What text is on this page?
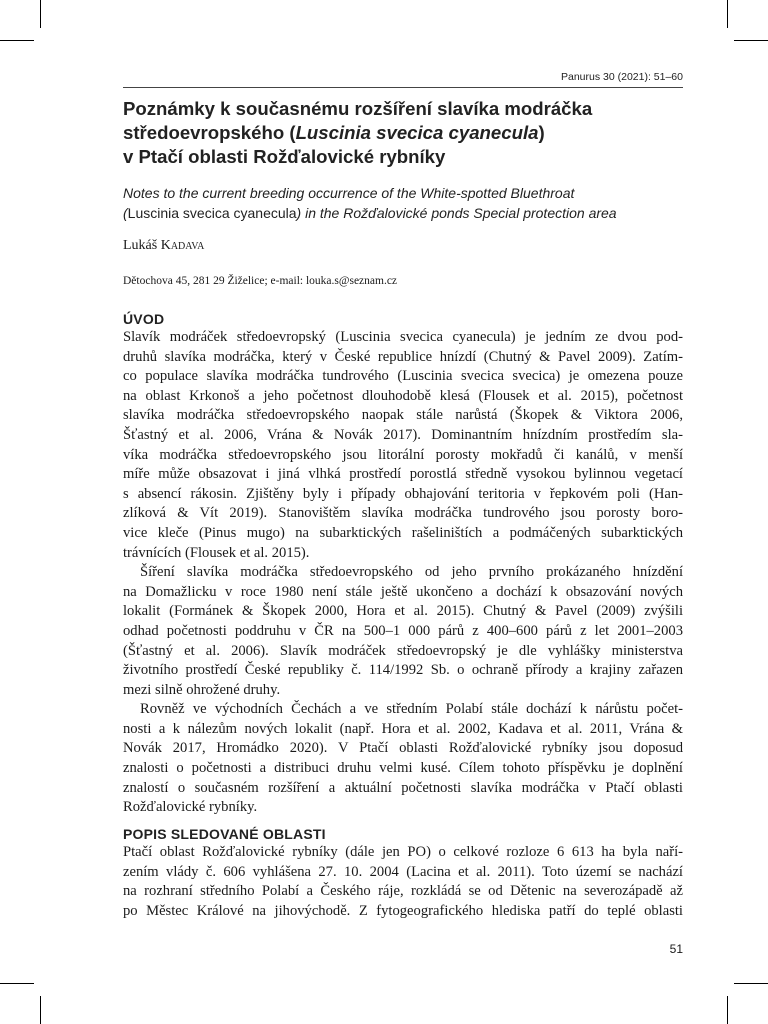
Panurus 30 (2021): 51–60
Poznámky k současnému rozšíření slavíka modráčka
středoevropského (Luscinia svecica cyanecula)
v Ptačí oblasti Rožďalovické rybníky
Notes to the current breeding occurrence of the White-spotted Bluethroat
(Luscinia svecica cyanecula) in the Rožďalovické ponds Special protection area
Lukáš Kadava
Dětochova 45, 281 29 Žiželice; e-mail: louka.s@seznam.cz
ÚVOD
Slavík modráček středoevropský (Luscinia svecica cyanecula) je jedním ze dvou pod-
druhů slavíka modráčka, který v České republice hnízdí (Chutný & Pavel 2009). Zatím-
co populace slavíka modráčka tundrového (Luscinia svecica svecica) je omezena pouze
na oblast Krkonoš a jeho početnost dlouhodobě klesá (Flousek et al. 2015), početnost
slavíka modráčka středoevropského naopak stále narůstá (Škopek & Viktora 2006,
Šťastný et al. 2006, Vrána & Novák 2017). Dominantním hnízdním prostředím sla-
víka modráčka středoevropského jsou litorální porosty mokřadů či kanálů, v menší
míře může obsazovat i jiná vlhká prostředí porostlá středně vysokou bylinnou vegetací
s absencí rákosin. Zjištěny byly i případy obhajování teritoria v řepkovém poli (Han-
zlíková & Vít 2019). Stanovištěm slavíka modráčka tundrového jsou porosty boro-
vice kleče (Pinus mugo) na subarktických rašeliništích a podmáčených subarktických
trávnících (Flousek et al. 2015).
Šíření slavíka modráčka středoevropského od jeho prvního prokázaného hnízdění
na Domažlicku v roce 1980 není stále ještě ukončeno a dochází k obsazování nových
lokalit (Formánek & Škopek 2000, Hora et al. 2015). Chutný & Pavel (2009) zvýšili
odhad početnosti poddruhu v ČR na 500–1 000 párů z 400–600 párů z let 2001–2003
(Šťastný et al. 2006). Slavík modráček středoevropský je dle vyhlášky ministerstva
životního prostředí České republiky č. 114/1992 Sb. o ochraně přírody a krajiny zařazen
mezi silně ohrožené druhy.
Rovněž ve východních Čechách a ve středním Polabí stále dochází k nárůstu počet-
nosti a k nálezům nových lokalit (např. Hora et al. 2002, Kadava et al. 2011, Vrána &
Novák 2017, Hromádko 2020). V Ptačí oblasti Rožďalovické rybníky jsou doposud
znalosti o početnosti a distribuci druhu velmi kusé. Cílem tohoto příspěvku je doplnění
znalostí o současném rozšíření a aktuální početnosti slavíka modráčka v Ptačí oblasti
Rožďalovické rybníky.
POPIS SLEDOVANÉ OBLASTI
Ptačí oblast Rožďalovické rybníky (dále jen PO) o celkové rozloze 6 613 ha byla naří-
zením vlády č. 606 vyhlášena 27. 10. 2004 (Lacina et al. 2011). Toto území se nachází
na rozhraní středního Polabí a Českého ráje, rozkládá se od Dětenic na severozápadě až
po Městec Králové na jihovýchodě. Z fytogeografického hlediska patří do teplé oblasti
51
